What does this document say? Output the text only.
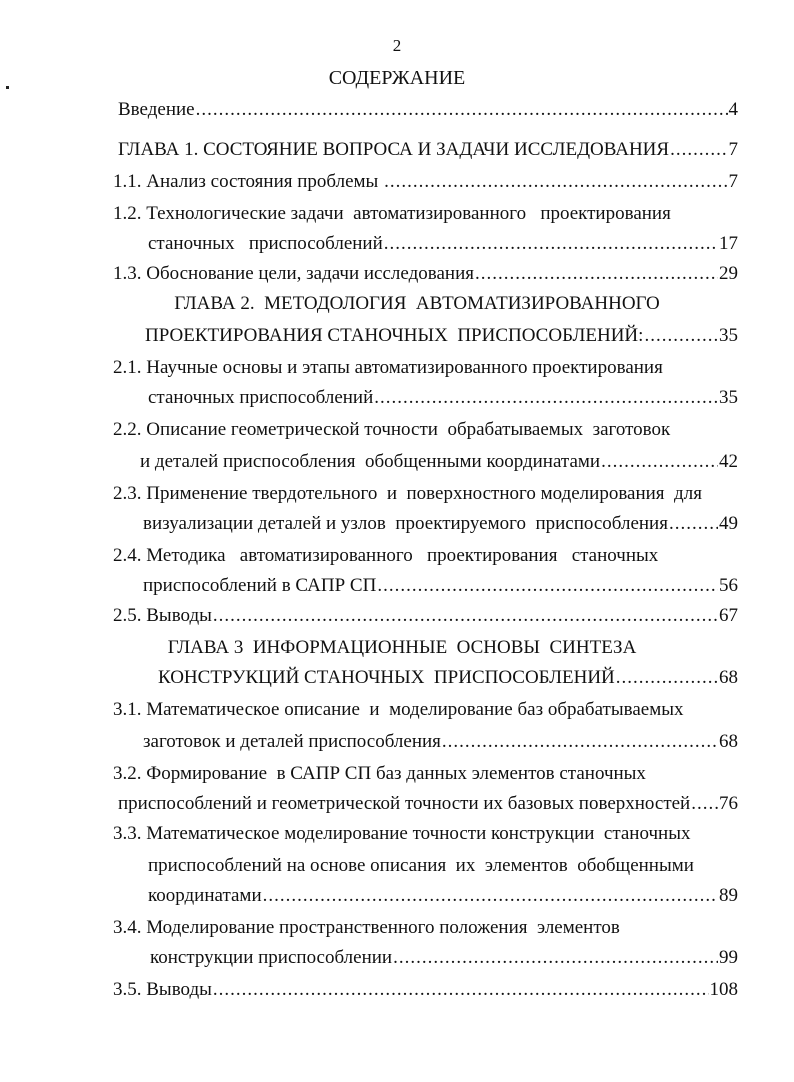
2
СОДЕРЖАНИЕ
Введение .....	4
ГЛАВА 1. СОСТОЯНИЕ ВОПРОСА И ЗАДАЧИ ИССЛЕДОВАНИЯ .....	7
1.1. Анализ состояния проблемы .....	7
1.2. Технологические задачи  автоматизированного   проектирования
станочных   приспособлений .....	17
1.3. Обоснование цели, задачи исследования .....	29
ГЛАВА 2.  МЕТОДОЛОГИЯ  АВТОМАТИЗИРОВАННОГО
ПРОЕКТИРОВАНИЯ СТАНОЧНЫХ  ПРИСПОСОБЛЕНИЙ: .....	35
2.1. Научные основы и этапы автоматизированного проектирования
станочных приспособлений .....	35
2.2. Описание геометрической точности  обрабатываемых  заготовок
и деталей приспособления  обобщенными координатами .....	42
2.3. Применение твердотельного  и  поверхностного моделирования  для
визуализации деталей и узлов  проектируемого  приспособления .....	49
2.4. Методика   автоматизированного   проектирования   станочных
приспособлений в САПР СП .....	56
2.5. Выводы .....	67
ГЛАВА 3  ИНФОРМАЦИОННЫЕ  ОСНОВЫ  СИНТЕЗА
КОНСТРУКЦИЙ СТАНОЧНЫХ  ПРИСПОСОБЛЕНИЙ .....	68
3.1. Математическое описание  и  моделирование баз обрабатываемых
заготовок и деталей приспособления .....	68
3.2. Формирование  в САПР СП баз данных элементов станочных
приспособлений и геометрической точности их базовых поверхностей ..... 76
3.3. Математическое моделирование точности конструкции  станочных
приспособлений на основе описания  их  элементов  обобщенными
координатами .....	89
3.4. Моделирование пространственного положения  элементов
конструкции приспособлении .....	99
3.5. Выводы .....	108
